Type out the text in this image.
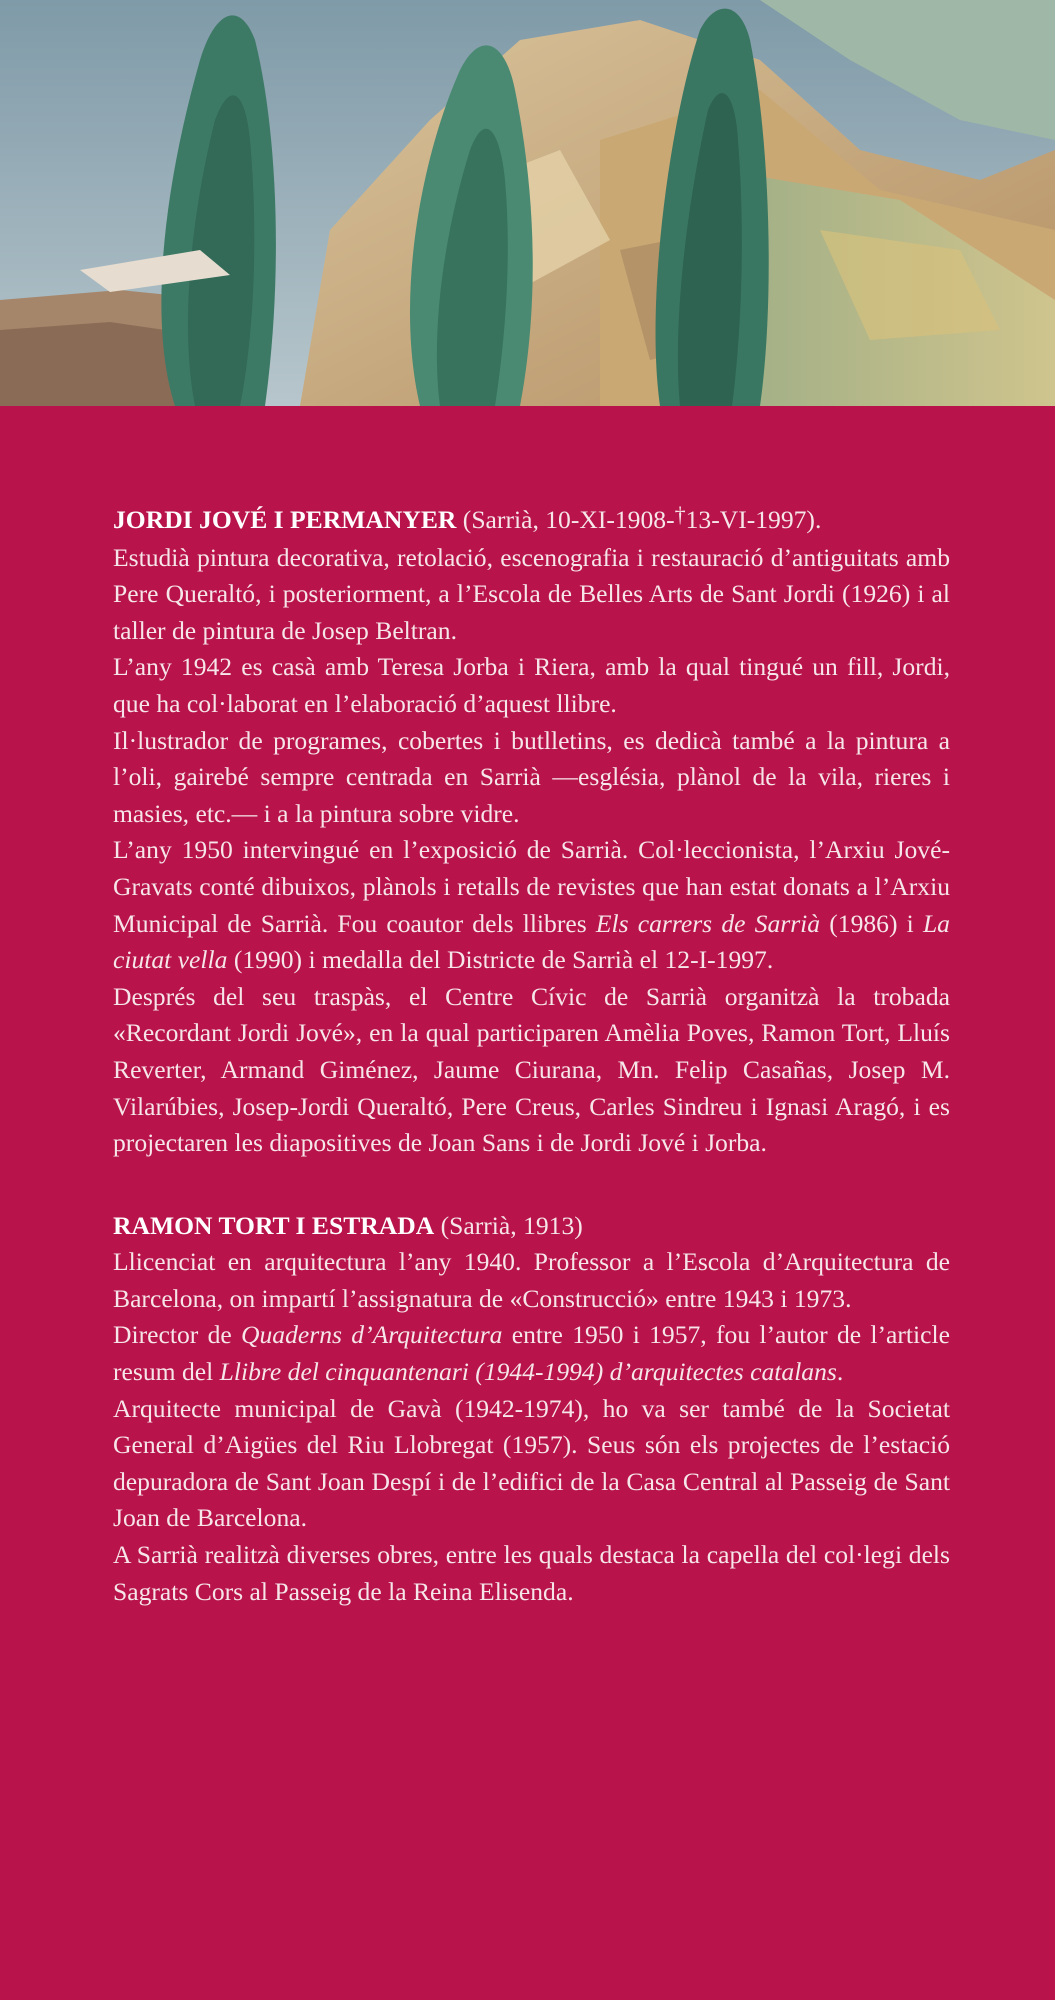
JORDI JOVÉ I PERMANYER (Sarrià, 10-XI-1908-†13-VI-1997).

Estudià pintura decorativa, retolació, escenografia i restauració d’antiguitats amb Pere Queraltó, i posteriorment, a l’Escola de Belles Arts de Sant Jordi (1926) i al taller de pintura de Josep Beltran.

L’any 1942 es casà amb Teresa Jorba i Riera, amb la qual tingué un fill, Jordi, que ha col·laborat en l’elaboració d’aquest llibre.

Il·lustrador de programes, cobertes i butlletins, es dedicà també a la pintura a l’oli, gairebé sempre centrada en Sarrià —església, plànol de la vila, rieres i masies, etc.— i a la pintura sobre vidre.

L’any 1950 intervingué en l’exposició de Sarrià. Col·leccionista, l’Arxiu Jové-Gravats conté dibuixos, plànols i retalls de revistes que han estat donats a l’Arxiu Municipal de Sarrià. Fou coautor dels llibres Els carrers de Sarrià (1986) i La ciutat vella (1990) i medalla del Districte de Sarrià el 12-I-1997.

Després del seu traspàs, el Centre Cívic de Sarrià organitzà la trobada «Recordant Jordi Jové», en la qual participaren Amèlia Poves, Ramon Tort, Lluís Reverter, Armand Giménez, Jaume Ciurana, Mn. Felip Casañas, Josep M. Vilarúbies, Josep-Jordi Queraltó, Pere Creus, Carles Sindreu i Ignasi Aragó, i es projectaren les diapositives de Joan Sans i de Jordi Jové i Jorba.

RAMON TORT I ESTRADA (Sarrià, 1913)

Llicenciat en arquitectura l’any 1940. Professor a l’Escola d’Arquitectura de Barcelona, on impartí l’assignatura de «Construcció» entre 1943 i 1973.

Director de Quaderns d’Arquitectura entre 1950 i 1957, fou l’autor de l’article resum del Llibre del cinquantenari (1944-1994) d’arquitectes catalans.

Arquitecte municipal de Gavà (1942-1974), ho va ser també de la Societat General d’Aigües del Riu Llobregat (1957). Seus són els projectes de l’estació depuradora de Sant Joan Despí i de l’edifici de la Casa Central al Passeig de Sant Joan de Barcelona.

A Sarrià realitzà diverses obres, entre les quals destaca la capella del col·legi dels Sagrats Cors al Passeig de la Reina Elisenda.
